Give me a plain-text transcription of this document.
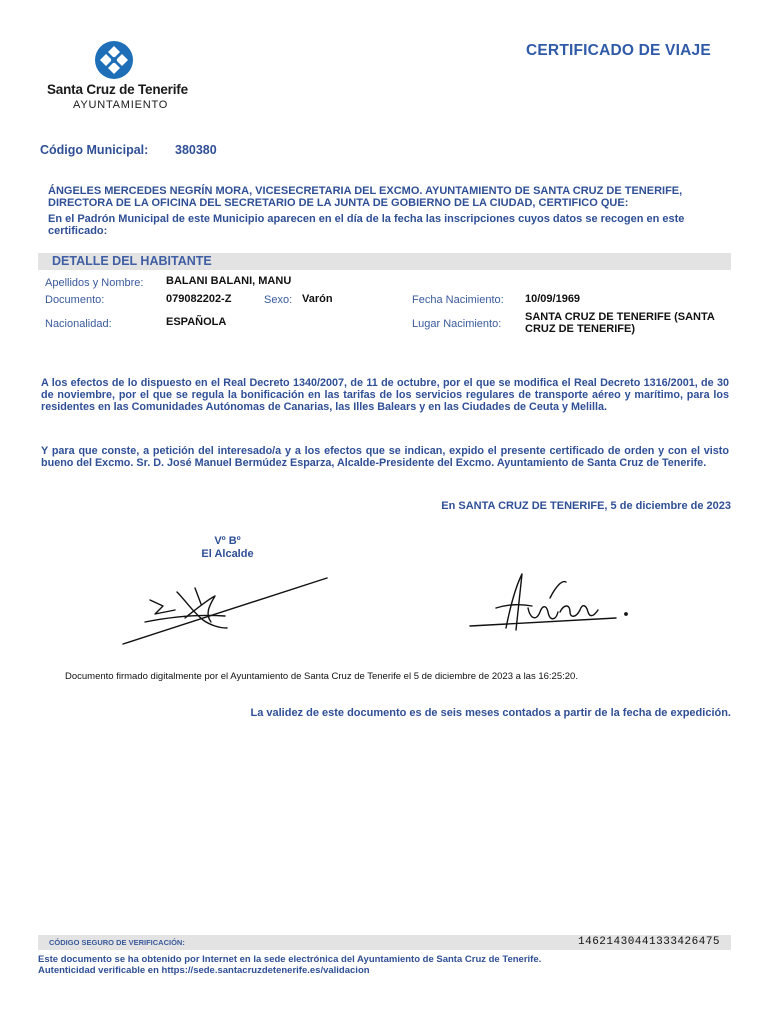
Santa Cruz de Tenerife
AYUNTAMIENTO
CERTIFICADO DE VIAJE
Código Municipal: 380380
ÁNGELES MERCEDES NEGRÍN MORA, VICESECRETARIA DEL EXCMO. AYUNTAMIENTO DE SANTA CRUZ DE TENERIFE, DIRECTORA DE LA OFICINA DEL SECRETARIO DE LA JUNTA DE GOBIERNO DE LA CIUDAD, CERTIFICO QUE:
En el Padrón Municipal de este Municipio aparecen en el día de la fecha las inscripciones cuyos datos se recogen en este certificado:
DETALLE DEL HABITANTE
Apellidos y Nombre: BALANI BALANI, MANU
Documento:	079082202-Z	Sexo: Varón	Fecha Nacimiento: 10/09/1969
Nacionalidad:	ESPAÑOLA	Lugar Nacimiento:
SANTA CRUZ DE TENERIFE (SANTA CRUZ DE TENERIFE)
A los efectos de lo dispuesto en el Real Decreto 1340/2007, de 11 de octubre, por el que se modifica el Real Decreto 1316/2001, de 30 de noviembre, por el que se regula la bonificación en las tarifas de los servicios regulares de transporte aéreo y marítimo, para los residentes en las Comunidades Autónomas de Canarias, las Illes Balears y en las Ciudades de Ceuta y Melilla.
Y para que conste, a petición del interesado/a y a los efectos que se indican, expido el presente certificado de orden y con el visto bueno del Excmo. Sr. D. José Manuel Bermúdez Esparza, Alcalde-Presidente del Excmo. Ayuntamiento de Santa Cruz de Tenerife.
En SANTA CRUZ DE TENERIFE, 5 de diciembre de 2023
Vº Bº
El Alcalde
Documento firmado digitalmente por el Ayuntamiento de Santa Cruz de Tenerife el 5 de diciembre de 2023 a las 16:25:20.
La validez de este documento es de seis meses contados a partir de la fecha de expedición.
CÓDIGO SEGURO DE VERIFICACIÓN:	14621430441333426475
Este documento se ha obtenido por Internet en la sede electrónica del Ayuntamiento de Santa Cruz de Tenerife.
Autenticidad verificable en https://sede.santacruzdetenerife.es/validacion
